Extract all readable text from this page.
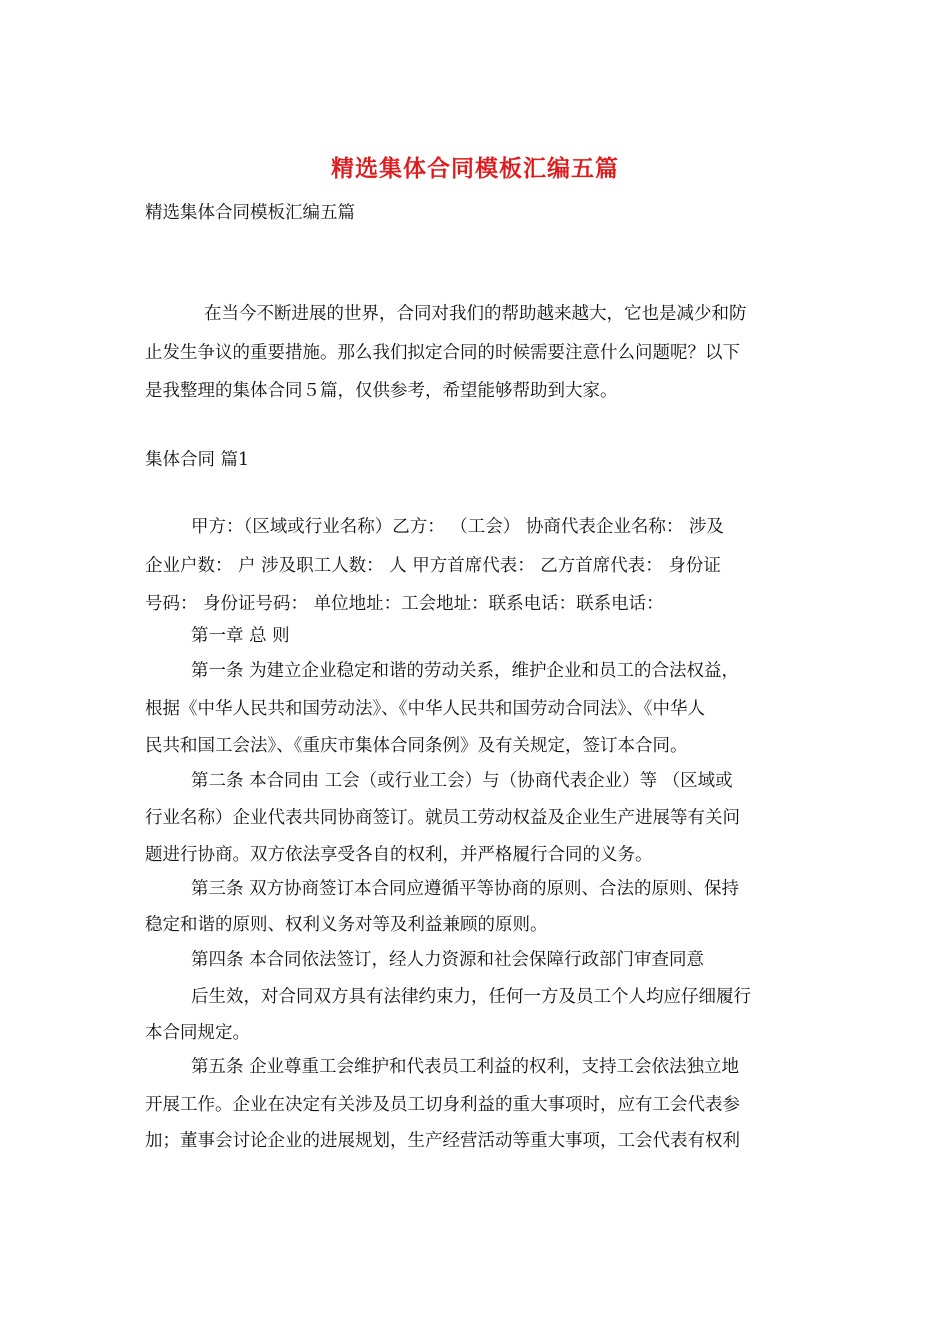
精选集体合同模板汇编五篇
精选集体合同模板汇编五篇
在当今不断进展的世界，合同对我们的帮助越来越大，它也是减少和防
止发生争议的重要措施。那么我们拟定合同的时候需要注意什么问题呢？以下
是我整理的集体合同５篇，仅供参考，希望能够帮助到大家。
集体合同 篇1
甲方：（区域或行业名称）乙方： （工会） 协商代表企业名称： 涉及
企业户数： 户 涉及职工人数： 人 甲方首席代表： 乙方首席代表： 身份证
号码： 身份证号码： 单位地址：工会地址：联系电话：联系电话：
第一章 总 则
第一条 为建立企业稳定和谐的劳动关系，维护企业和员工的合法权益，
根据《中华人民共和国劳动法》、《中华人民共和国劳动合同法》、《中华人
民共和国工会法》、《重庆市集体合同条例》及有关规定，签订本合同。
第二条 本合同由 工会（或行业工会）与（协商代表企业）等 （区域或
行业名称）企业代表共同协商签订。就员工劳动权益及企业生产进展等有关问
题进行协商。双方依法享受各自的权利，并严格履行合同的义务。
第三条 双方协商签订本合同应遵循平等协商的原则、合法的原则、保持
稳定和谐的原则、权利义务对等及利益兼顾的原则。
第四条 本合同依法签订，经人力资源和社会保障行政部门审查同意
后生效，对合同双方具有法律约束力，任何一方及员工个人均应仔细履行
本合同规定。
第五条 企业尊重工会维护和代表员工利益的权利，支持工会依法独立地
开展工作。企业在决定有关涉及员工切身利益的重大事项时，应有工会代表参
加；董事会讨论企业的进展规划，生产经营活动等重大事项，工会代表有权利
